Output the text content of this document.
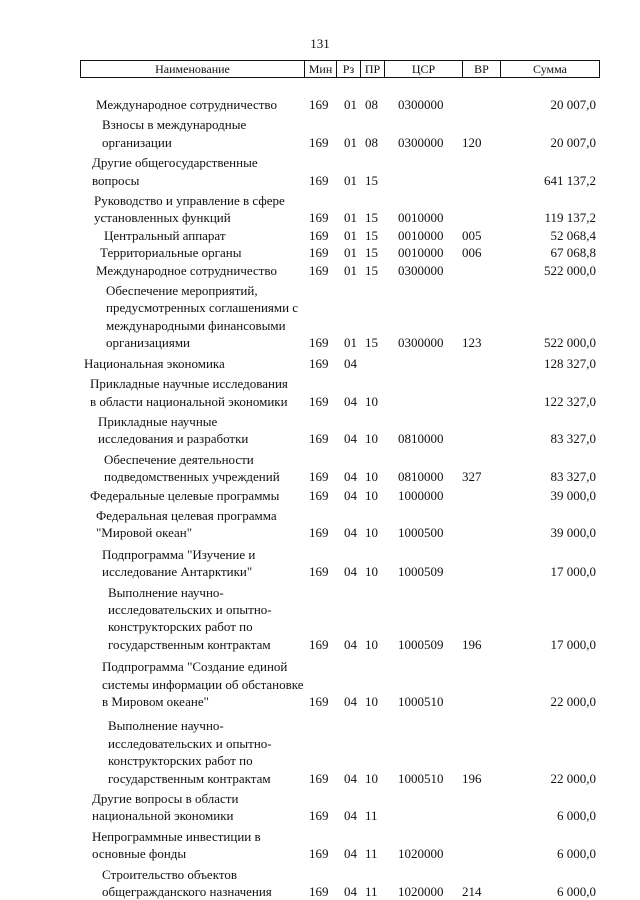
131
Наименование	Мин Рз ПР	ЦСР	ВР	Сумма
Международное сотрудничество	169 01 08 0300000	20 007,0
Взносы в международные
организации	169 01 08 0300000 120	20 007,0
Другие общегосударственные
вопросы	169 01 15	641 137,2
Руководство и управление в сфере
установленных функций	169 01 15 0010000	119 137,2
Центральный аппарат	169 01 15 0010000 005	52 068,4
Территориальные органы	169 01 15 0010000 006	67 068,8
Международное сотрудничество	169 01 15 0300000	522 000,0
Обеспечение мероприятий,
предусмотренных соглашениями с
международными финансовыми
организациями	169 01 15 0300000 123	522 000,0
Национальная экономика	169 04	128 327,0
Прикладные научные исследования
в области национальной экономики	169 04 10	122 327,0
Прикладные научные
исследования и разработки	169 04 10 0810000	83 327,0
Обеспечение деятельности
подведомственных учреждений	169 04 10 0810000 327	83 327,0
Федеральные целевые программы	169 04 10 1000000	39 000,0
Федеральная целевая программа
"Мировой океан"	169 04 10 1000500	39 000,0
Подпрограмма "Изучение и
исследование Антарктики"	169 04 10 1000509	17 000,0
Выполнение научно-
исследовательских и опытно-
конструкторских работ по
государственным контрактам	169 04 10 1000509 196	17 000,0
Подпрограмма "Создание единой
системы информации об обстановке
в Мировом океане"	169 04 10 1000510	22 000,0
Выполнение научно-
исследовательских и опытно-
конструкторских работ по
государственным контрактам	169 04 10 1000510 196	22 000,0
Другие вопросы в области
национальной экономики	169 04 11	6 000,0
Непрограммные инвестиции в
основные фонды	169 04 11 1020000	6 000,0
Строительство объектов
общегражданского назначения	169 04 11 1020000 214	6 000,0
